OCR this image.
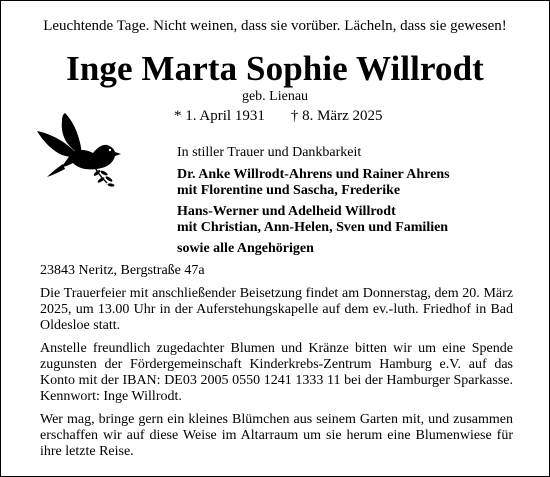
Leuchtende Tage. Nicht weinen, dass sie vorüber. Lächeln, dass sie gewesen!
Inge Marta Sophie Willrodt
geb. Lienau
* 1. April 1931 † 8. März 2025
In stiller Trauer und Dankbarkeit
Dr. Anke Willrodt-Ahrens und Rainer Ahrens
mit Florentine und Sascha, Frederike
Hans-Werner und Adelheid Willrodt
mit Christian, Ann-Helen, Sven und Familien
sowie alle Angehörigen

23843 Neritz, Bergstraße 47a

Die Trauerfeier mit anschließender Beisetzung findet am Donnerstag, dem 20. März 2025, um 13.00 Uhr in der Auferstehungskapelle auf dem ev.-luth. Friedhof in Bad Oldesloe statt.

Anstelle freundlich zugedachter Blumen und Kränze bitten wir um eine Spende zugunsten der Fördergemeinschaft Kinderkrebs-Zentrum Hamburg e.V. auf das Konto mit der IBAN: DE03 2005 0550 1241 1333 11 bei der Hamburger Sparkasse. Kennwort: Inge Willrodt.

Wer mag, bringe gern ein kleines Blümchen aus seinem Garten mit, und zusammen erschaffen wir auf diese Weise im Altarraum um sie herum eine Blumenwiese für ihre letzte Reise.
